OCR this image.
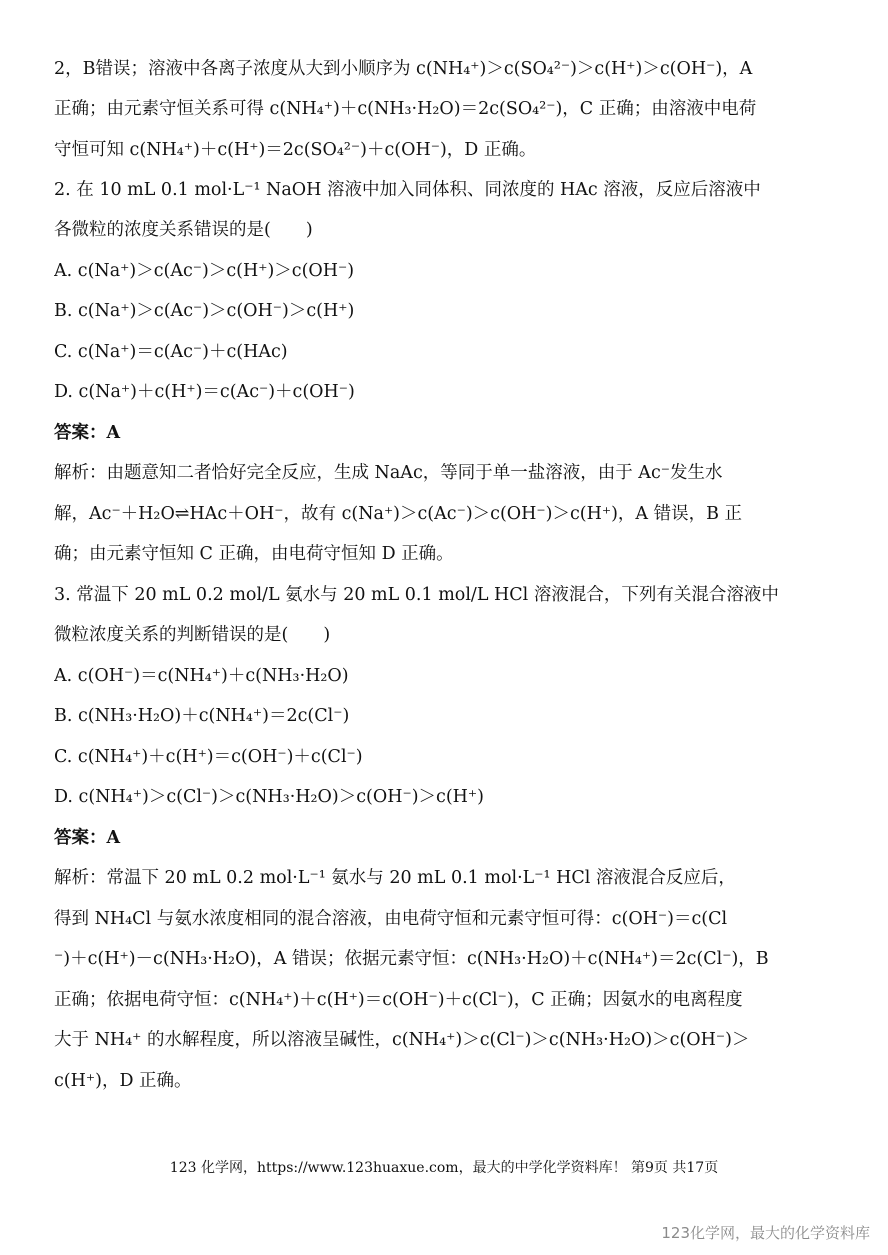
2，B错误；溶液中各离子浓度从大到小顺序为 c(NH₄⁺)＞c(SO₄²⁻)＞c(H⁺)＞c(OH⁻)，A
正确；由元素守恒关系可得 c(NH₄⁺)＋c(NH₃·H₂O)＝2c(SO₄²⁻)，C 正确；由溶液中电荷
守恒可知 c(NH₄⁺)＋c(H⁺)＝2c(SO₄²⁻)＋c(OH⁻)，D 正确。
2. 在 10 mL 0.1 mol·L⁻¹ NaOH 溶液中加入同体积、同浓度的 HAc 溶液，反应后溶液中
各微粒的浓度关系错误的是(　　)
A. c(Na⁺)＞c(Ac⁻)＞c(H⁺)＞c(OH⁻)
B. c(Na⁺)＞c(Ac⁻)＞c(OH⁻)＞c(H⁺)
C. c(Na⁺)＝c(Ac⁻)＋c(HAc)
D. c(Na⁺)＋c(H⁺)＝c(Ac⁻)＋c(OH⁻)
答案：A
解析：由题意知二者恰好完全反应，生成 NaAc，等同于单一盐溶液，由于 Ac⁻发生水
解，Ac⁻＋H₂O⇌HAc＋OH⁻，故有 c(Na⁺)＞c(Ac⁻)＞c(OH⁻)＞c(H⁺)，A 错误，B 正
确；由元素守恒知 C 正确，由电荷守恒知 D 正确。
3. 常温下 20 mL 0.2 mol/L 氨水与 20 mL 0.1 mol/L HCl 溶液混合，下列有关混合溶液中
微粒浓度关系的判断错误的是(　　)
A. c(OH⁻)＝c(NH₄⁺)＋c(NH₃·H₂O)
B. c(NH₃·H₂O)＋c(NH₄⁺)＝2c(Cl⁻)
C. c(NH₄⁺)＋c(H⁺)＝c(OH⁻)＋c(Cl⁻)
D. c(NH₄⁺)＞c(Cl⁻)＞c(NH₃·H₂O)＞c(OH⁻)＞c(H⁺)
答案：A
解析：常温下 20 mL 0.2 mol·L⁻¹ 氨水与 20 mL 0.1 mol·L⁻¹ HCl 溶液混合反应后，
得到 NH₄Cl 与氨水浓度相同的混合溶液，由电荷守恒和元素守恒可得：c(OH⁻)＝c(Cl
⁻)＋c(H⁺)－c(NH₃·H₂O)，A 错误；依据元素守恒：c(NH₃·H₂O)＋c(NH₄⁺)＝2c(Cl⁻)，B
正确；依据电荷守恒：c(NH₄⁺)＋c(H⁺)＝c(OH⁻)＋c(Cl⁻)，C 正确；因氨水的电离程度
大于 NH₄⁺ 的水解程度，所以溶液呈碱性，c(NH₄⁺)＞c(Cl⁻)＞c(NH₃·H₂O)＞c(OH⁻)＞
c(H⁺)，D 正确。
123 化学网，https://www.123huaxue.com，最大的中学化学资料库！ 第9页 共17页
123化学网，最大的化学资料库
